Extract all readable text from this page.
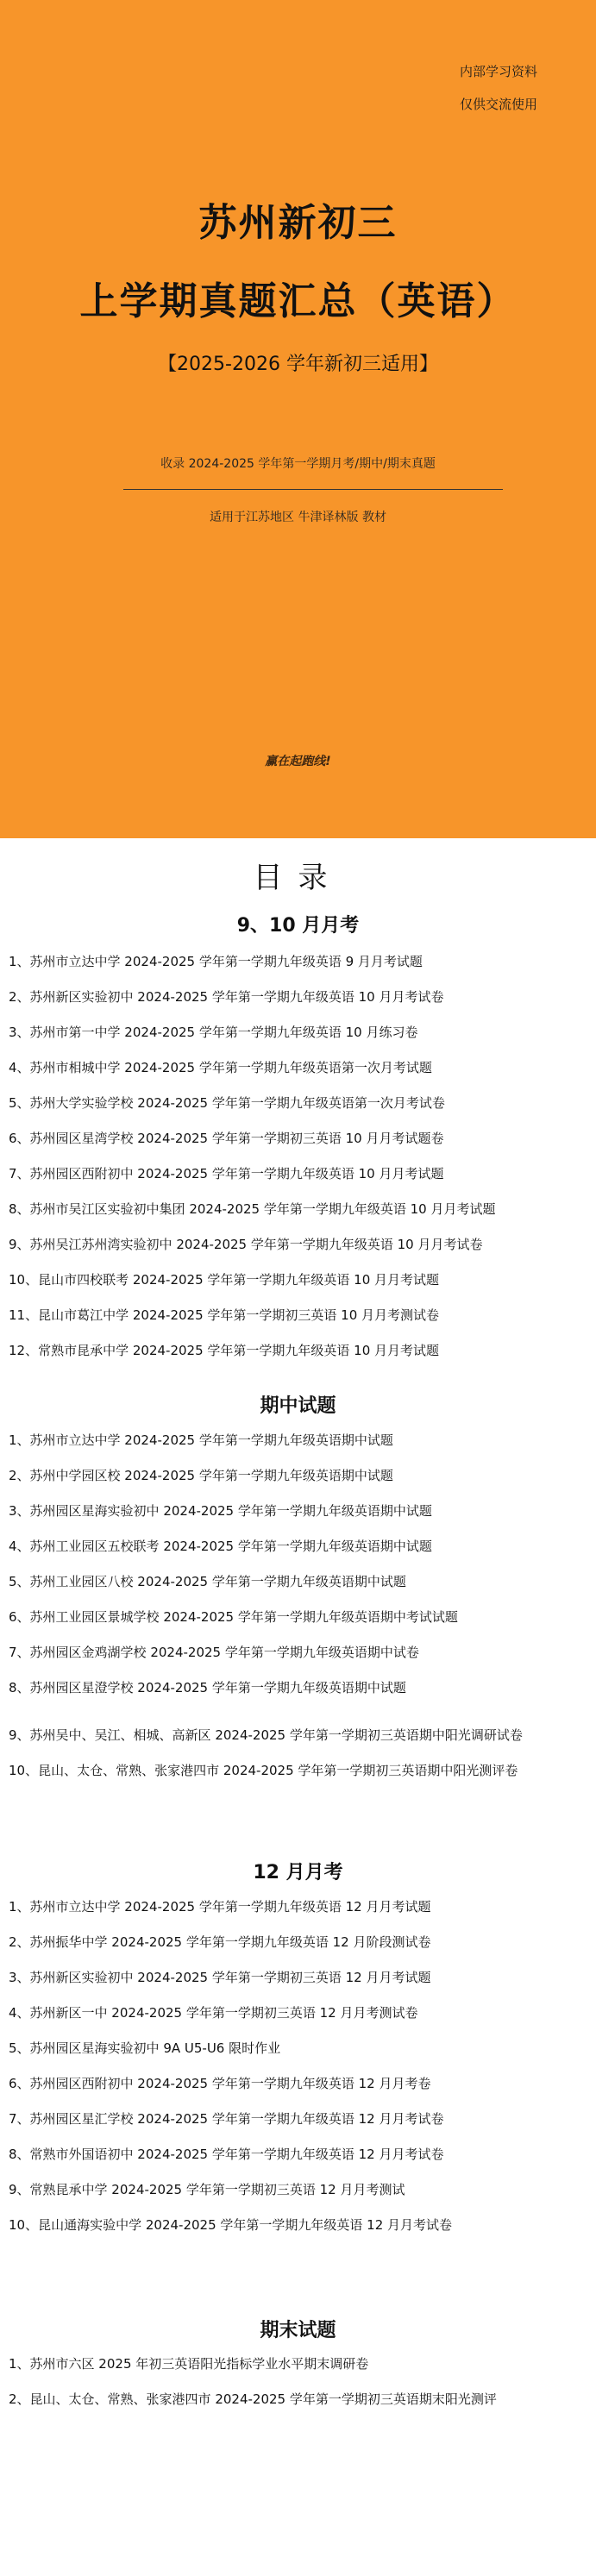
内部学习资料
仅供交流使用
苏州新初三
上学期真题汇总（英语）
【2025-2026 学年新初三适用】
收录 2024-2025 学年第一学期月考/期中/期末真题
适用于江苏地区 牛津译林版 教材
赢在起跑线!
目录
9、10 月月考
1、苏州市立达中学 2024-2025 学年第一学期九年级英语 9 月月考试题
2、苏州新区实验初中 2024-2025 学年第一学期九年级英语 10 月月考试卷
3、苏州市第一中学 2024-2025 学年第一学期九年级英语 10 月练习卷
4、苏州市相城中学 2024-2025 学年第一学期九年级英语第一次月考试题
5、苏州大学实验学校 2024-2025 学年第一学期九年级英语第一次月考试卷
6、苏州园区星湾学校 2024-2025 学年第一学期初三英语 10 月月考试题卷
7、苏州园区西附初中 2024-2025 学年第一学期九年级英语 10 月月考试题
8、苏州市吴江区实验初中集团 2024-2025 学年第一学期九年级英语 10 月月考试题
9、苏州吴江苏州湾实验初中 2024-2025 学年第一学期九年级英语 10 月月考试卷
10、昆山市四校联考 2024-2025 学年第一学期九年级英语 10 月月考试题
11、昆山市葛江中学 2024-2025 学年第一学期初三英语 10 月月考测试卷
12、常熟市昆承中学 2024-2025 学年第一学期九年级英语 10 月月考试题
期中试题
1、苏州市立达中学 2024-2025 学年第一学期九年级英语期中试题
2、苏州中学园区校 2024-2025 学年第一学期九年级英语期中试题
3、苏州园区星海实验初中 2024-2025 学年第一学期九年级英语期中试题
4、苏州工业园区五校联考 2024-2025 学年第一学期九年级英语期中试题
5、苏州工业园区八校 2024-2025 学年第一学期九年级英语期中试题
6、苏州工业园区景城学校 2024-2025 学年第一学期九年级英语期中考试试题
7、苏州园区金鸡湖学校 2024-2025 学年第一学期九年级英语期中试卷
8、苏州园区星澄学校 2024-2025 学年第一学期九年级英语期中试题
9、苏州吴中、吴江、相城、高新区 2024-2025 学年第一学期初三英语期中阳光调研试卷
10、昆山、太仓、常熟、张家港四市 2024-2025 学年第一学期初三英语期中阳光测评卷
12 月月考
1、苏州市立达中学 2024-2025 学年第一学期九年级英语 12 月月考试题
2、苏州振华中学 2024-2025 学年第一学期九年级英语 12 月阶段测试卷
3、苏州新区实验初中 2024-2025 学年第一学期初三英语 12 月月考试题
4、苏州新区一中 2024-2025 学年第一学期初三英语 12 月月考测试卷
5、苏州园区星海实验初中 9A U5-U6 限时作业
6、苏州园区西附初中 2024-2025 学年第一学期九年级英语 12 月月考卷
7、苏州园区星汇学校 2024-2025 学年第一学期九年级英语 12 月月考试卷
8、常熟市外国语初中 2024-2025 学年第一学期九年级英语 12 月月考试卷
9、常熟昆承中学 2024-2025 学年第一学期初三英语 12 月月考测试
10、昆山通海实验中学 2024-2025 学年第一学期九年级英语 12 月月考试卷
期末试题
1、苏州市六区 2025 年初三英语阳光指标学业水平期末调研卷
2、昆山、太仓、常熟、张家港四市 2024-2025 学年第一学期初三英语期末阳光测评
